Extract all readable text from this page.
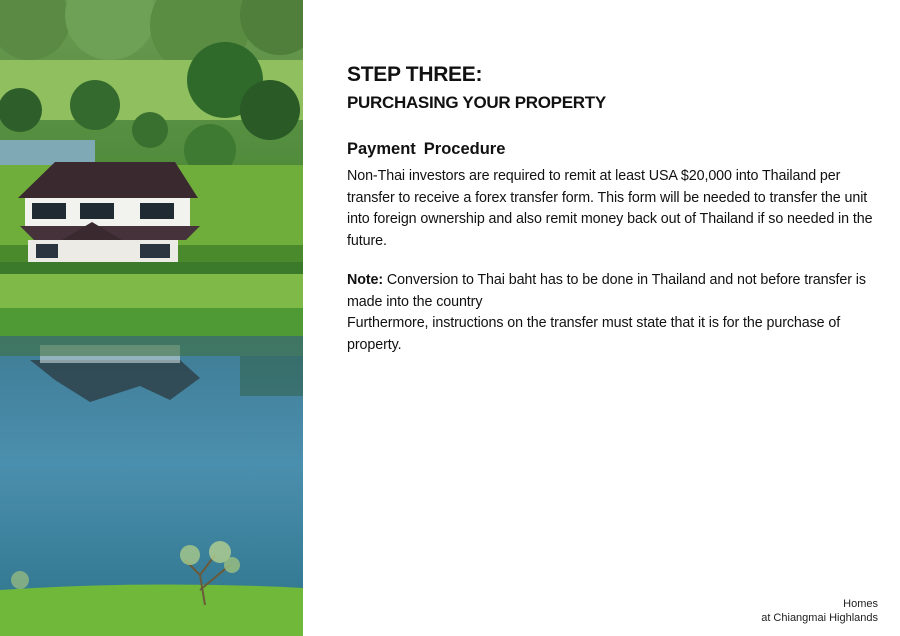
STEP THREE:
PURCHASING YOUR PROPERTY
Payment Procedure

Non-Thai investors are required to remit at least USA $20,000 into Thailand per transfer to receive a forex transfer form. This form will be needed to transfer the unit into foreign ownership and also remit money back out of Thailand if so needed in the future.

Note: Conversion to Thai baht has to be done in Thailand and not before transfer is made into the country

Furthermore, instructions on the transfer must state that it is for the purchase of property.

Homes
at Chiangmai Highlands
